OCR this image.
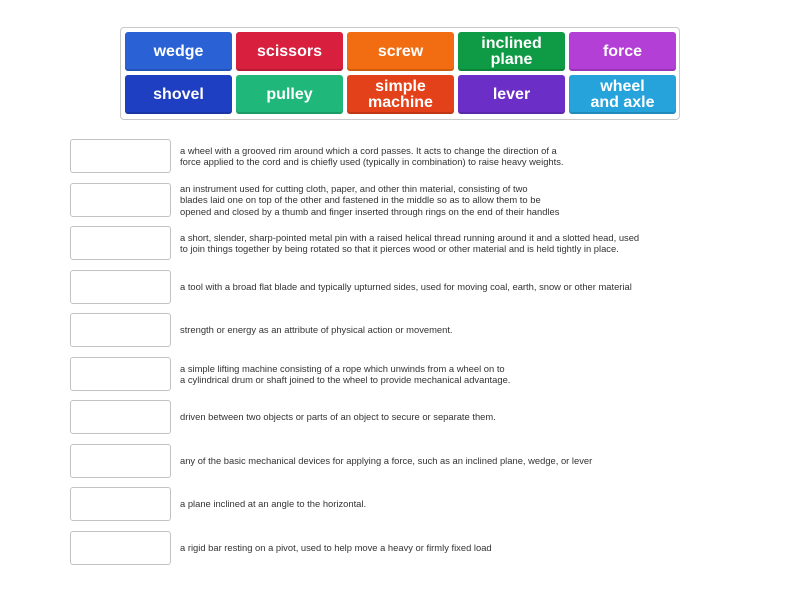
wedge	scissors	screw	inclined
plane	force
shovel	pulley	simple
machine	lever	wheel
and axle
a wheel with a grooved rim around which a cord passes. It acts to change the direction of a
force applied to the cord and is chiefly used (typically in combination) to raise heavy weights.
an instrument used for cutting cloth, paper, and other thin material, consisting of two
blades laid one on top of the other and fastened in the middle so as to allow them to be
opened and closed by a thumb and finger inserted through rings on the end of their handles
a short, slender, sharp-pointed metal pin with a raised helical thread running around it and a slotted head, used
to join things together by being rotated so that it pierces wood or other material and is held tightly in place.
a tool with a broad flat blade and typically upturned sides, used for moving coal, earth, snow or other material
strength or energy as an attribute of physical action or movement.
a simple lifting machine consisting of a rope which unwinds from a wheel on to
a cylindrical drum or shaft joined to the wheel to provide mechanical advantage.
driven between two objects or parts of an object to secure or separate them.
any of the basic mechanical devices for applying a force, such as an inclined plane, wedge, or lever
a plane inclined at an angle to the horizontal.
a rigid bar resting on a pivot, used to help move a heavy or firmly fixed load
